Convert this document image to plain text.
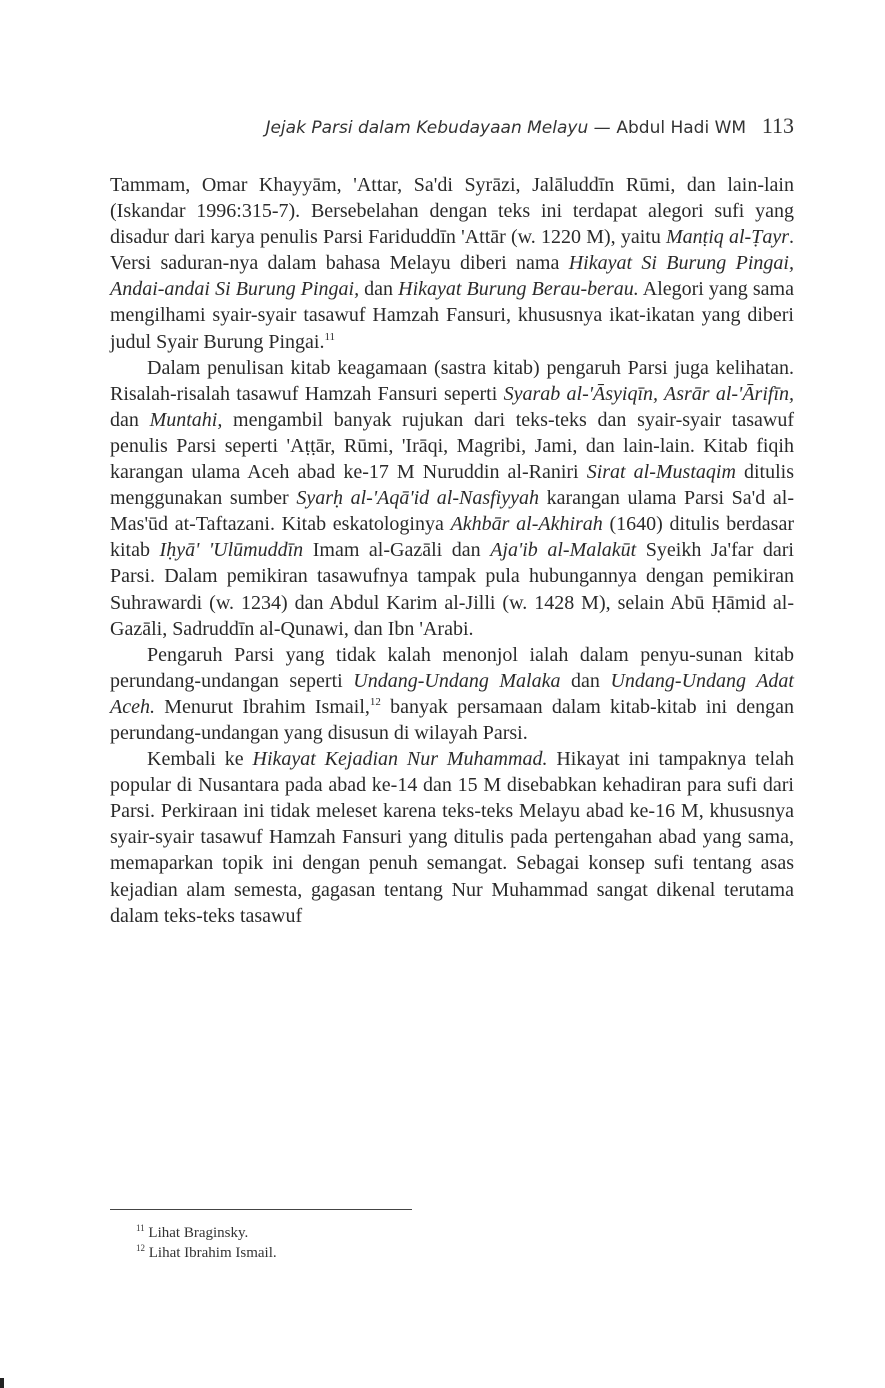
Jejak Parsi dalam Kebudayaan Melayu — Abdul Hadi WM 113

Tammam, Omar Khayyām, 'Attar, Sa'di Syrāzi, Jalāluddīn Rūmi, dan lain-lain (Iskandar 1996:315-7). Bersebelahan dengan teks ini terdapat alegori sufi yang disadur dari karya penulis Parsi Fariduddīn 'Attār (w. 1220 M), yaitu Manṭiq al-Ṭayr. Versi saduran-nya dalam bahasa Melayu diberi nama Hikayat Si Burung Pingai, Andai-andai Si Burung Pingai, dan Hikayat Burung Berau-berau. Alegori yang sama mengilhami syair-syair tasawuf Hamzah Fansuri, khususnya ikat-ikatan yang diberi judul Syair Burung Pingai.$^{11}$

Dalam penulisan kitab keagamaan (sastra kitab) pengaruh Parsi juga kelihatan. Risalah-risalah tasawuf Hamzah Fansuri seperti Syarab al-'Āsyiqīn, Asrār al-'Ārifīn, dan Muntahi, mengambil banyak rujukan dari teks-teks dan syair-syair tasawuf penulis Parsi seperti 'Aṭṭār, Rūmi, 'Irāqi, Magribi, Jami, dan lain-lain. Kitab fiqih karangan ulama Aceh abad ke-17 M Nuruddin al-Raniri Sirat al-Mustaqim ditulis menggunakan sumber Syarḥ al-'Aqā'id al-Nasfiyyah karangan ulama Parsi Sa'd al-Mas'ūd at-Taftazani. Kitab eskatologinya Akhbār al-Akhirah (1640) ditulis berdasar kitab Iḥyā' 'Ulūmuddīn Imam al-Gazāli dan Aja'ib al-Malakūt Syeikh Ja'far dari Parsi. Dalam pemikiran tasawufnya tampak pula hubungannya dengan pemikiran Suhrawardi (w. 1234) dan Abdul Karim al-Jilli (w. 1428 M), selain Abū Ḥāmid al-Gazāli, Sadruddīn al-Qunawi, dan Ibn 'Arabi.

Pengaruh Parsi yang tidak kalah menonjol ialah dalam penyu-sunan kitab perundang-undangan seperti Undang-Undang Malaka dan Undang-Undang Adat Aceh. Menurut Ibrahim Ismail,$^{12}$ banyak persamaan dalam kitab-kitab ini dengan perundang-undangan yang disusun di wilayah Parsi.

Kembali ke Hikayat Kejadian Nur Muhammad. Hikayat ini tampaknya telah popular di Nusantara pada abad ke-14 dan 15 M disebabkan kehadiran para sufi dari Parsi. Perkiraan ini tidak meleset karena teks-teks Melayu abad ke-16 M, khususnya syair-syair tasawuf Hamzah Fansuri yang ditulis pada pertengahan abad yang sama, memaparkan topik ini dengan penuh semangat. Sebagai konsep sufi tentang asas kejadian alam semesta, gagasan tentang Nur Muhammad sangat dikenal terutama dalam teks-teks tasawuf

$^{11}$ Lihat Braginsky.
$^{12}$ Lihat Ibrahim Ismail.
